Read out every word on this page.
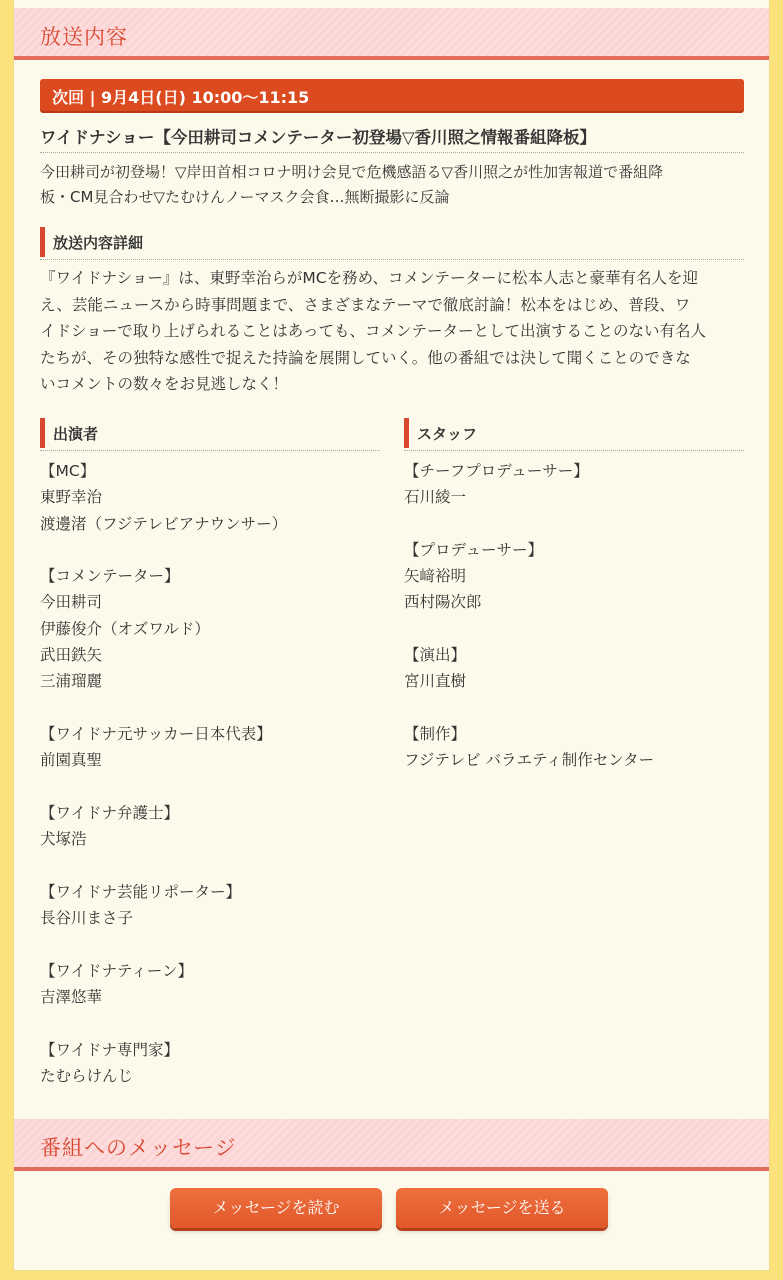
放送内容
次回 | 9月4日(日) 10:00〜11:15
ワイドナショー【今田耕司コメンテーター初登場▽香川照之情報番組降板】
今田耕司が初登場！▽岸田首相コロナ明け会見で危機感語る▽香川照之が性加害報道で番組降
板・CM見合わせ▽たむけんノーマスク会食…無断撮影に反論
放送内容詳細
『ワイドナショー』は、東野幸治らがMCを務め、コメンテーターに松本人志と豪華有名人を迎
え、芸能ニュースから時事問題まで、さまざまなテーマで徹底討論！松本をはじめ、普段、ワ
イドショーで取り上げられることはあっても、コメンテーターとして出演することのない有名人
たちが、その独特な感性で捉えた持論を展開していく。他の番組では決して聞くことのできな
いコメントの数々をお見逃しなく！
出演者	スタッフ
【MC】
東野幸治
渡邊渚（フジテレビアナウンサー）
【コメンテーター】
今田耕司
伊藤俊介（オズワルド）
武田鉄矢
三浦瑠麗
【ワイドナ元サッカー日本代表】
前園真聖
【ワイドナ弁護士】
犬塚浩
【ワイドナ芸能リポーター】
長谷川まさ子
【ワイドナティーン】
吉澤悠華
【ワイドナ専門家】
たむらけんじ
【チーフプロデューサー】
石川綾一
【プロデューサー】
矢﨑裕明
西村陽次郎
【演出】
宮川直樹
【制作】
フジテレビ バラエティ制作センター
番組へのメッセージ
メッセージを読む	メッセージを送る
